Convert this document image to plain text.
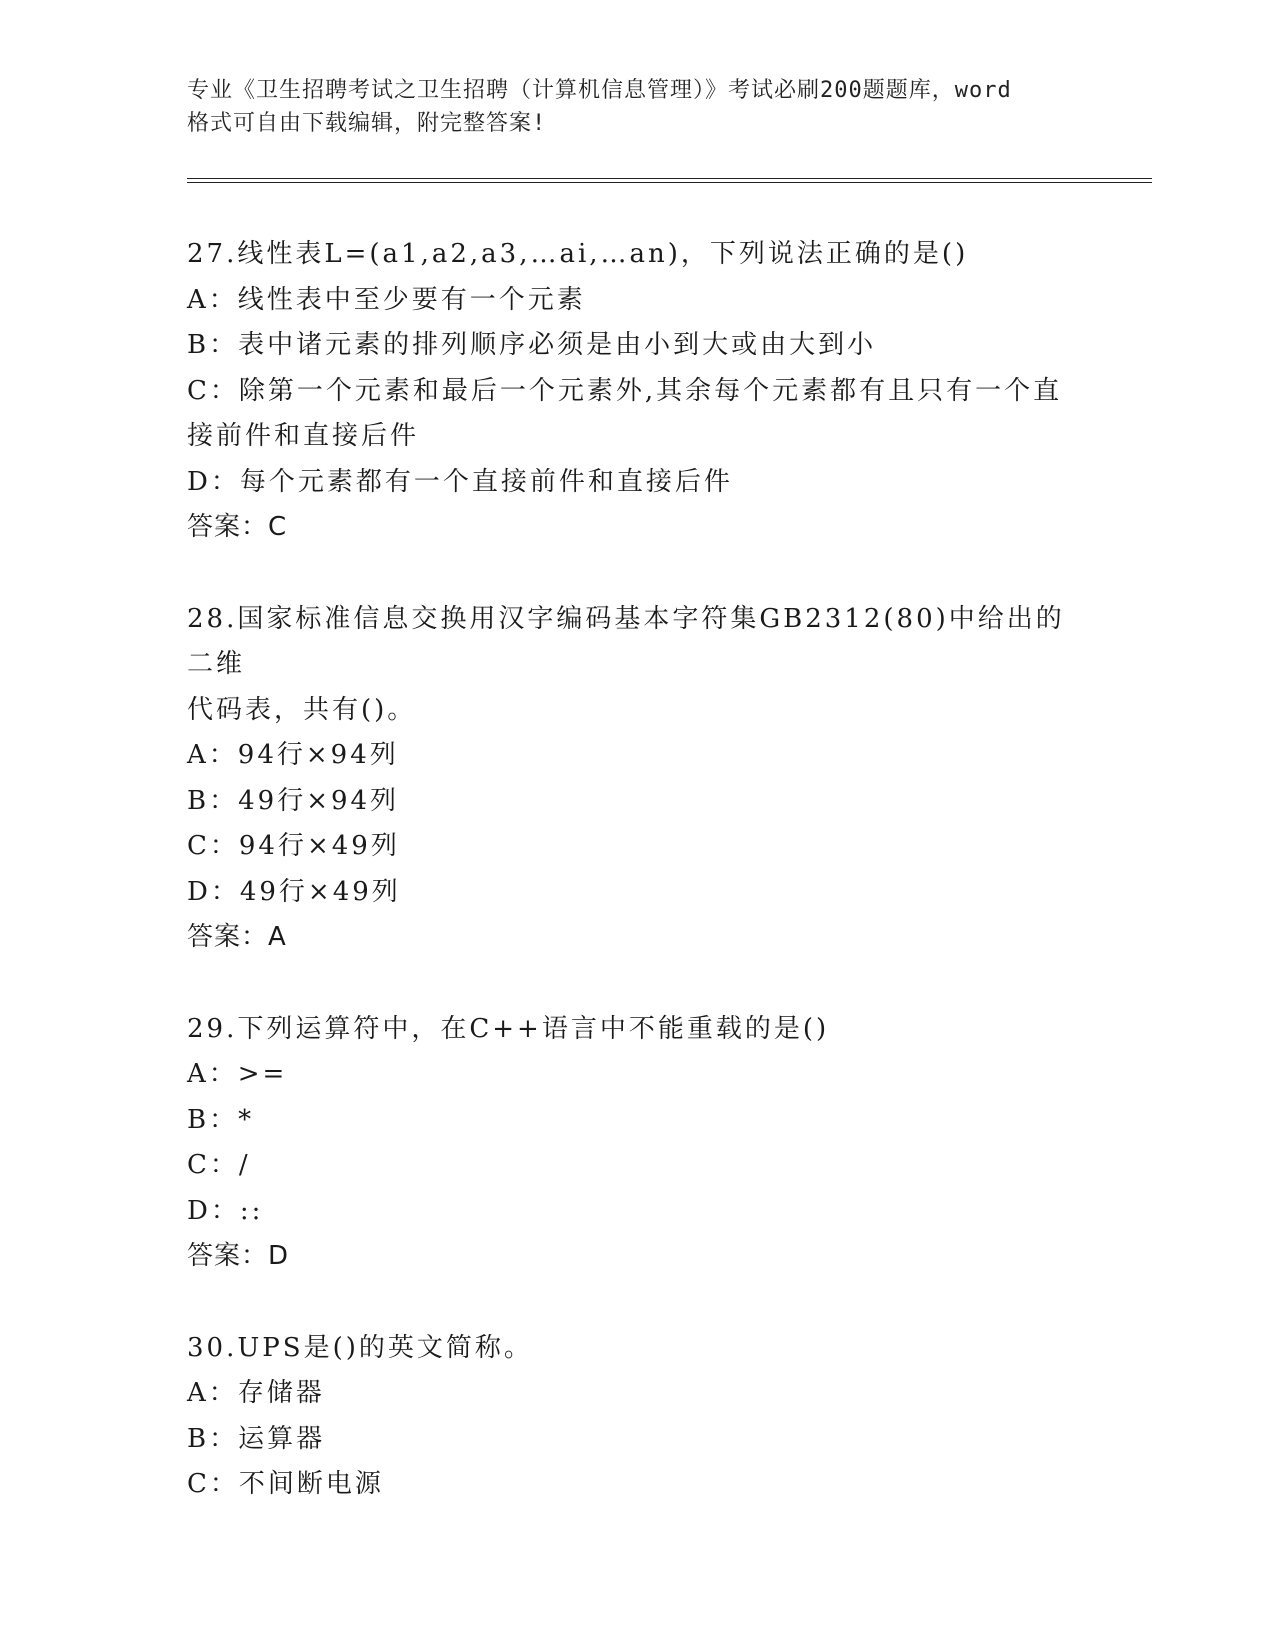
专业《卫生招聘考试之卫生招聘（计算机信息管理）》考试必刷200题题库，word
格式可自由下载编辑，附完整答案!
27.线性表L=(a1,a2,a3,…ai,…an)，下列说法正确的是()
A：线性表中至少要有一个元素
B：表中诸元素的排列顺序必须是由小到大或由大到小
C：除第一个元素和最后一个元素外,其余每个元素都有且只有一个直
接前件和直接后件
D：每个元素都有一个直接前件和直接后件
答案：C
28.国家标准信息交换用汉字编码基本字符集GB2312(80)中给出的二维
代码表，共有()。
A：94行×94列
B：49行×94列
C：94行×49列
D：49行×49列
答案：A
29.下列运算符中，在C++语言中不能重载的是()
A：>=
B：*
C：/
D：::
答案：D
30.UPS是()的英文简称。
A：存储器
B：运算器
C：不间断电源
